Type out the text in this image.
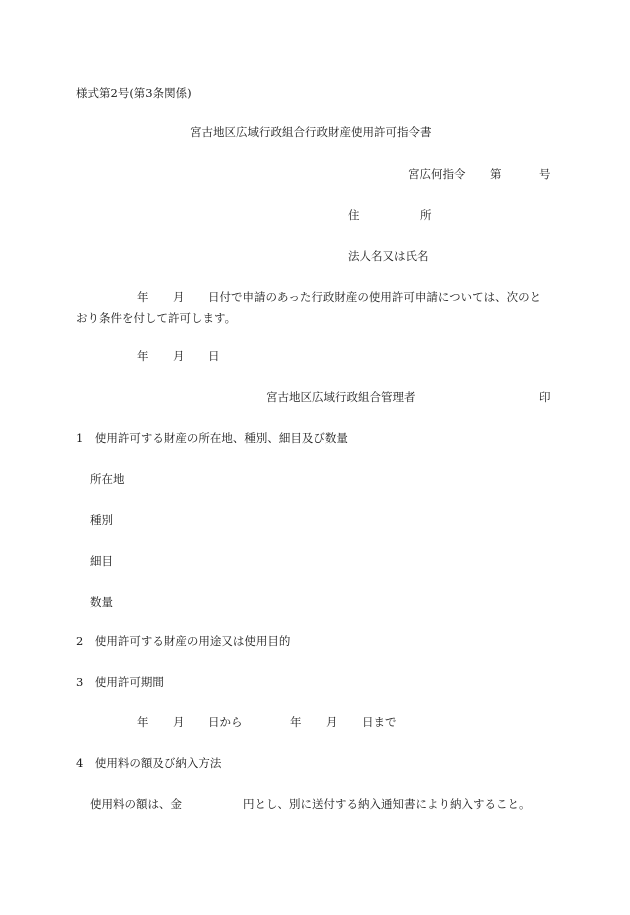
様式第2号(第3条関係)
宮古地区広域行政組合行政財産使用許可指令書
宮広何指令 第	号
住	所
法人名又は氏名
年 月 日付で申請のあった行政財産の使用許可申請については、次のと
おり条件を付して許可します。
年 月 日
宮古地区広域行政組合管理者	印
1　使用許可する財産の所在地、種別、細目及び数量
所在地
種別
細目
数量
2　使用許可する財産の用途又は使用目的
3　使用許可期間
年 月 日から	年 月 日まで
4　使用料の額及び納入方法
使用料の額は、金	円とし、別に送付する納入通知書により納入すること。
